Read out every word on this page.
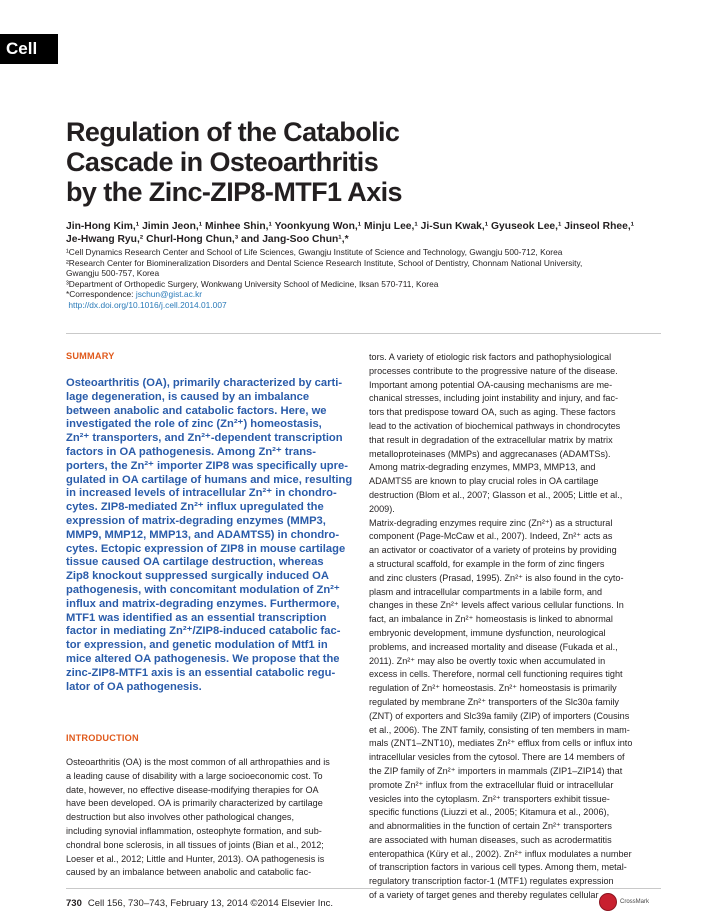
Cell
Regulation of the Catabolic
Cascade in Osteoarthritis
by the Zinc-ZIP8-MTF1 Axis
Jin-Hong Kim,¹ Jimin Jeon,¹ Minhee Shin,¹ Yoonkyung Won,¹ Minju Lee,¹ Ji-Sun Kwak,¹ Gyuseok Lee,¹ Jinseol Rhee,¹
Je-Hwang Ryu,² Churl-Hong Chun,³ and Jang-Soo Chun¹,*
¹Cell Dynamics Research Center and School of Life Sciences, Gwangju Institute of Science and Technology, Gwangju 500-712, Korea
²Research Center for Biomineralization Disorders and Dental Science Research Institute, School of Dentistry, Chonnam National University,
Gwangju 500-757, Korea
³Department of Orthopedic Surgery, Wonkwang University School of Medicine, Iksan 570-711, Korea
*Correspondence: jschun@gist.ac.kr
http://dx.doi.org/10.1016/j.cell.2014.01.007
SUMMARY
Osteoarthritis (OA), primarily characterized by carti-
lage degeneration, is caused by an imbalance
between anabolic and catabolic factors. Here, we
investigated the role of zinc (Zn²⁺) homeostasis,
Zn²⁺ transporters, and Zn²⁺-dependent transcription
factors in OA pathogenesis. Among Zn²⁺ trans-
porters, the Zn²⁺ importer ZIP8 was specifically upre-
gulated in OA cartilage of humans and mice, resulting
in increased levels of intracellular Zn²⁺ in chondro-
cytes. ZIP8-mediated Zn²⁺ influx upregulated the
expression of matrix-degrading enzymes (MMP3,
MMP9, MMP12, MMP13, and ADAMTS5) in chondro-
cytes. Ectopic expression of ZIP8 in mouse cartilage
tissue caused OA cartilage destruction, whereas
Zip8 knockout suppressed surgically induced OA
pathogenesis, with concomitant modulation of Zn²⁺
influx and matrix-degrading enzymes. Furthermore,
MTF1 was identified as an essential transcription
factor in mediating Zn²⁺/ZIP8-induced catabolic fac-
tor expression, and genetic modulation of Mtf1 in
mice altered OA pathogenesis. We propose that the
zinc-ZIP8-MTF1 axis is an essential catabolic regu-
lator of OA pathogenesis.
INTRODUCTION
Osteoarthritis (OA) is the most common of all arthropathies and is
a leading cause of disability with a large socioeconomic cost. To
date, however, no effective disease-modifying therapies for OA
have been developed. OA is primarily characterized by cartilage
destruction but also involves other pathological changes,
including synovial inflammation, osteophyte formation, and sub-
chondral bone sclerosis, in all tissues of joints (Bian et al., 2012;
Loeser et al., 2012; Little and Hunter, 2013). OA pathogenesis is
caused by an imbalance between anabolic and catabolic fac-
tors. A variety of etiologic risk factors and pathophysiological
processes contribute to the progressive nature of the disease.
Important among potential OA-causing mechanisms are me-
chanical stresses, including joint instability and injury, and fac-
tors that predispose toward OA, such as aging. These factors
lead to the activation of biochemical pathways in chondrocytes
that result in degradation of the extracellular matrix by matrix
metalloproteinases (MMPs) and aggrecanases (ADAMTSs).
Among matrix-degrading enzymes, MMP3, MMP13, and
ADAMTS5 are known to play crucial roles in OA cartilage
destruction (Blom et al., 2007; Glasson et al., 2005; Little et al.,
2009).
Matrix-degrading enzymes require zinc (Zn²⁺) as a structural
component (Page-McCaw et al., 2007). Indeed, Zn²⁺ acts as
an activator or coactivator of a variety of proteins by providing
a structural scaffold, for example in the form of zinc fingers
and zinc clusters (Prasad, 1995). Zn²⁺ is also found in the cyto-
plasm and intracellular compartments in a labile form, and
changes in these Zn²⁺ levels affect various cellular functions. In
fact, an imbalance in Zn²⁺ homeostasis is linked to abnormal
embryonic development, immune dysfunction, neurological
problems, and increased mortality and disease (Fukada et al.,
2011). Zn²⁺ may also be overtly toxic when accumulated in
excess in cells. Therefore, normal cell functioning requires tight
regulation of Zn²⁺ homeostasis. Zn²⁺ homeostasis is primarily
regulated by membrane Zn²⁺ transporters of the Slc30a family
(ZNT) of exporters and Slc39a family (ZIP) of importers (Cousins
et al., 2006). The ZNT family, consisting of ten members in mam-
mals (ZNT1–ZNT10), mediates Zn²⁺ efflux from cells or influx into
intracellular vesicles from the cytosol. There are 14 members of
the ZIP family of Zn²⁺ importers in mammals (ZIP1–ZIP14) that
promote Zn²⁺ influx from the extracellular fluid or intracellular
vesicles into the cytoplasm. Zn²⁺ transporters exhibit tissue-
specific functions (Liuzzi et al., 2005; Kitamura et al., 2006),
and abnormalities in the function of certain Zn²⁺ transporters
are associated with human diseases, such as acrodermatitis
enteropathica (Küry et al., 2002). Zn²⁺ influx modulates a number
of transcription factors in various cell types. Among them, metal-
regulatory transcription factor-1 (MTF1) regulates expression
of a variety of target genes and thereby regulates cellular
730 Cell 156, 730–743, February 13, 2014 ©2014 Elsevier Inc.	CrossMark
